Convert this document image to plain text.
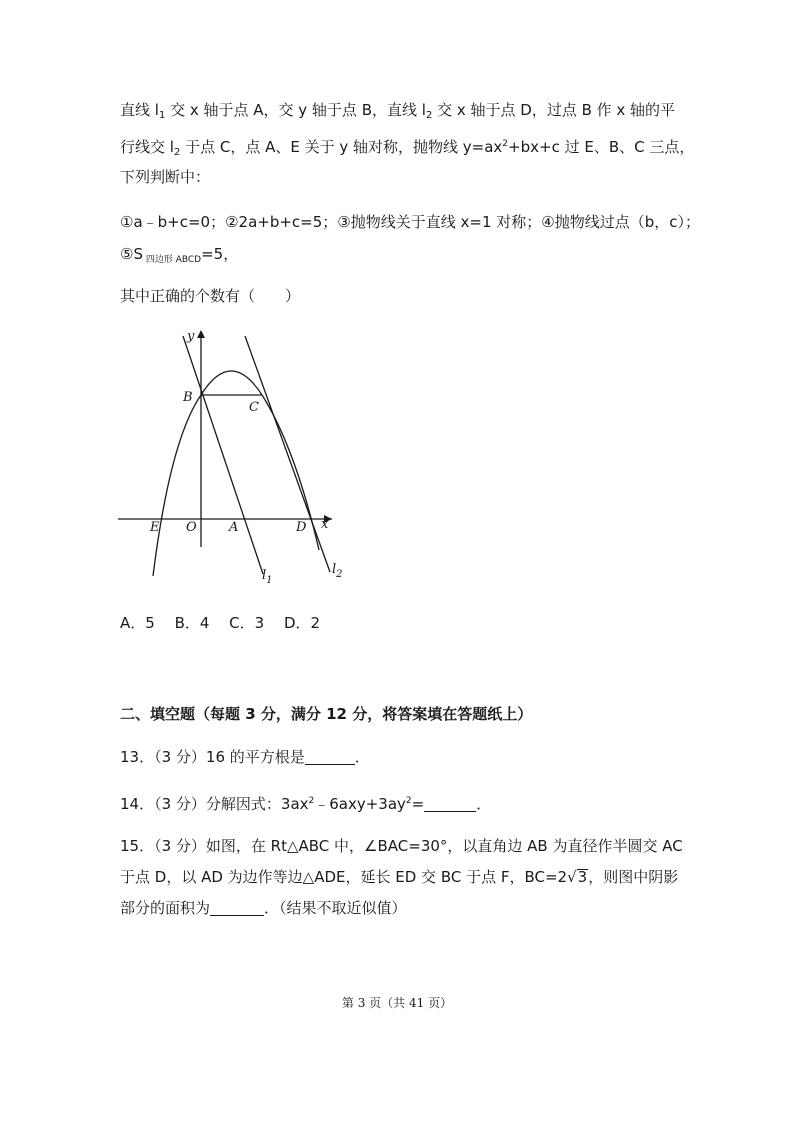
直线 $l_1$ 交 x 轴于点 A，交 y 轴于点 B，直线 $l_2$ 交 x 轴于点 D，过点 B 作 x 轴的平
行线交 $l_2$ 于点 C，点 A、E 关于 y 轴对称，抛物线 $y=ax^2+bx+c$ 过 E、B、C 三点，
下列判断中：
①a﹣b+c=0；②2a+b+c=5；③抛物线关于直线 x=1 对称；④抛物线过点（b，c）；
⑤S $_{四边形 ABCD}$=5，
其中正确的个数有（　　）
y
x
B
C
E O A	D
$l_1$
$l_2$
A．5　 B．4　 C．3　 D．2
二、填空题（每题 3 分，满分 12 分，将答案填在答题纸上）
13．（3 分）16 的平方根是	．
14．（3 分）分解因式：$3ax^2﹣6axy+3ay^2=$	．
15．（3 分）如图，在 Rt△ABC 中，∠BAC=30°，以直角边 AB 为直径作半圆交 AC
于点 D，以 AD 为边作等边△ADE，延长 ED 交 BC 于点 F，BC=2√3，则图中阴影
部分的面积为	．（结果不取近似值）
第 3 页（共 41 页）
